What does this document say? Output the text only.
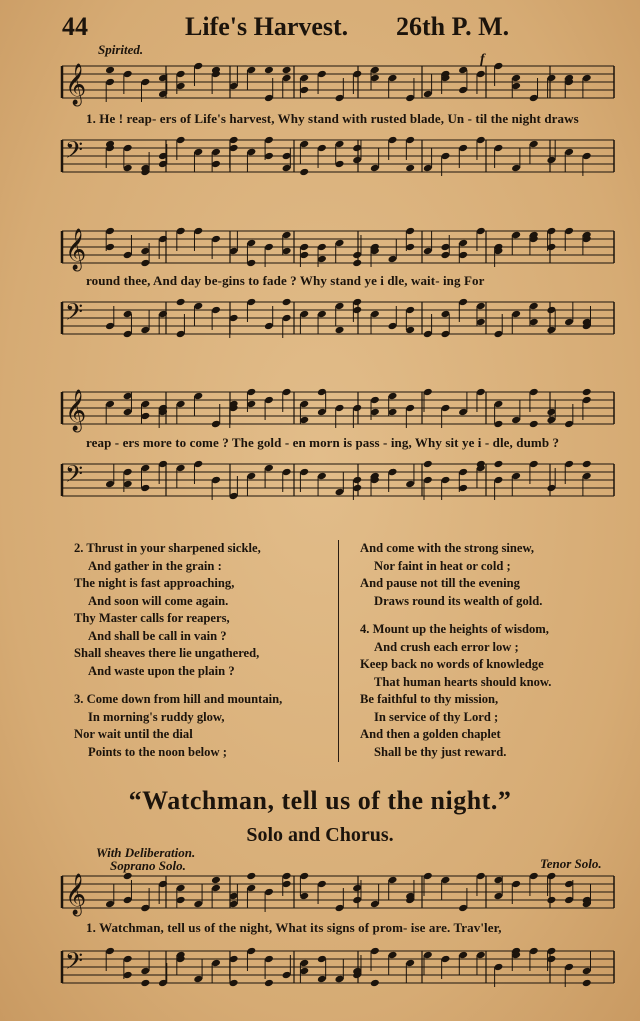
44	Life's Harvest. 26th P. M.
Spirited.
f
𝄞
1. He ! reap- ers of Life's harvest, Why stand with rusted blade, Un - til the night draws
𝄢
𝄞
round thee, And day be-gins to fade ? Why stand ye i dle, wait- ing For
𝄢
𝄞
reap - ers more to come ? The gold - en morn is pass - ing, Why sit ye i - dle, dumb ?
𝄢
2. Thrust in your sharpened sickle,
And gather in the grain :
The night is fast approaching,
And soon will come again.
Thy Master calls for reapers,
And shall be call in vain ?
Shall sheaves there lie ungathered,
And waste upon the plain ?
3. Come down from hill and mountain,
In morning's ruddy glow,
Nor wait until the dial
Points to the noon below ;
And come with the strong sinew,
Nor faint in heat or cold ;
And pause not till the evening
Draws round its wealth of gold.
4. Mount up the heights of wisdom,
And crush each error low ;
Keep back no words of knowledge
That human hearts should know.
Be faithful to thy mission,
In service of thy Lord ;
And then a golden chaplet
Shall be thy just reward.
“Watchman, tell us of the night.”
Solo and Chorus.
With Deliberation.
Soprano Solo.	Tenor Solo.
𝄞
1. Watchman, tell us of the night, What its signs of prom- ise are. Trav'ler,
𝄢
